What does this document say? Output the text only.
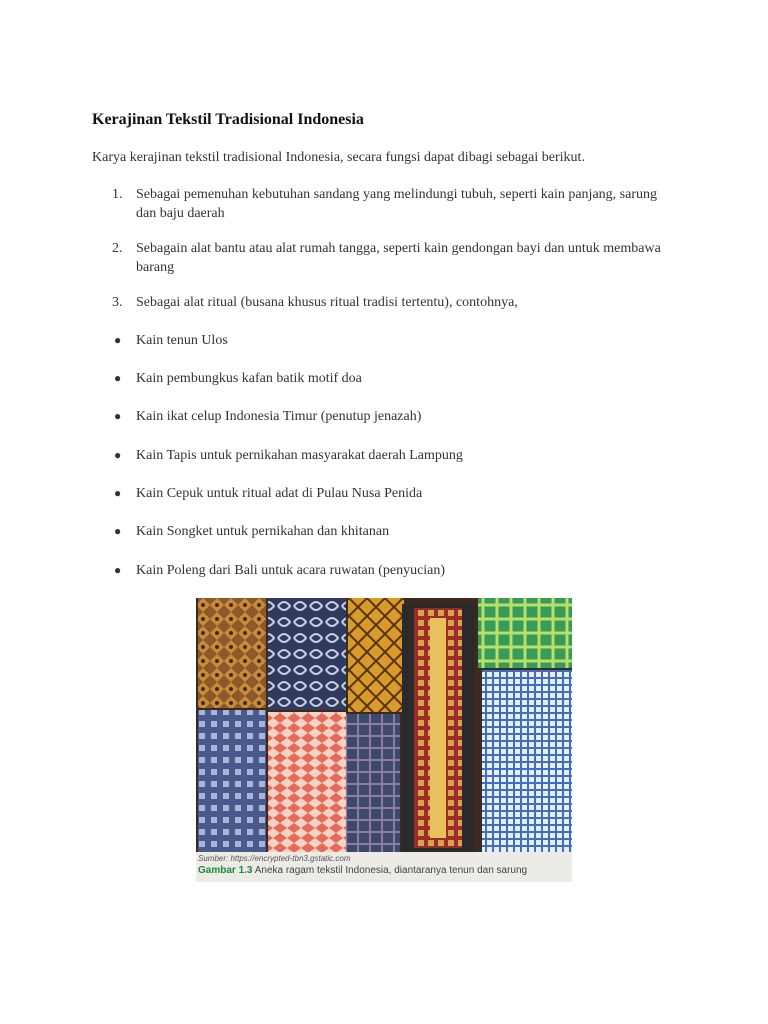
Kerajinan Tekstil Tradisional Indonesia
Karya kerajinan tekstil tradisional Indonesia, secara fungsi dapat dibagi sebagai berikut.
1. Sebagai pemenuhan kebutuhan sandang yang melindungi tubuh, seperti kain panjang, sarung dan baju daerah
2. Sebagain alat bantu atau alat rumah tangga, seperti kain gendongan bayi dan untuk membawa barang
3. Sebagai alat ritual (busana khusus ritual tradisi tertentu), contohnya,
● Kain tenun Ulos
● Kain pembungkus kafan batik motif doa
● Kain ikat celup Indonesia Timur (penutup jenazah)
● Kain Tapis untuk pernikahan masyarakat daerah Lampung
● Kain Cepuk untuk ritual adat di Pulau Nusa Penida
● Kain Songket untuk pernikahan dan khitanan
● Kain Poleng dari Bali untuk acara ruwatan (penyucian)
Sumber: https://encrypted-tbn3.gstatic.com
Gambar 1.3 Aneka ragam tekstil Indonesia, diantaranya tenun dan sarung
